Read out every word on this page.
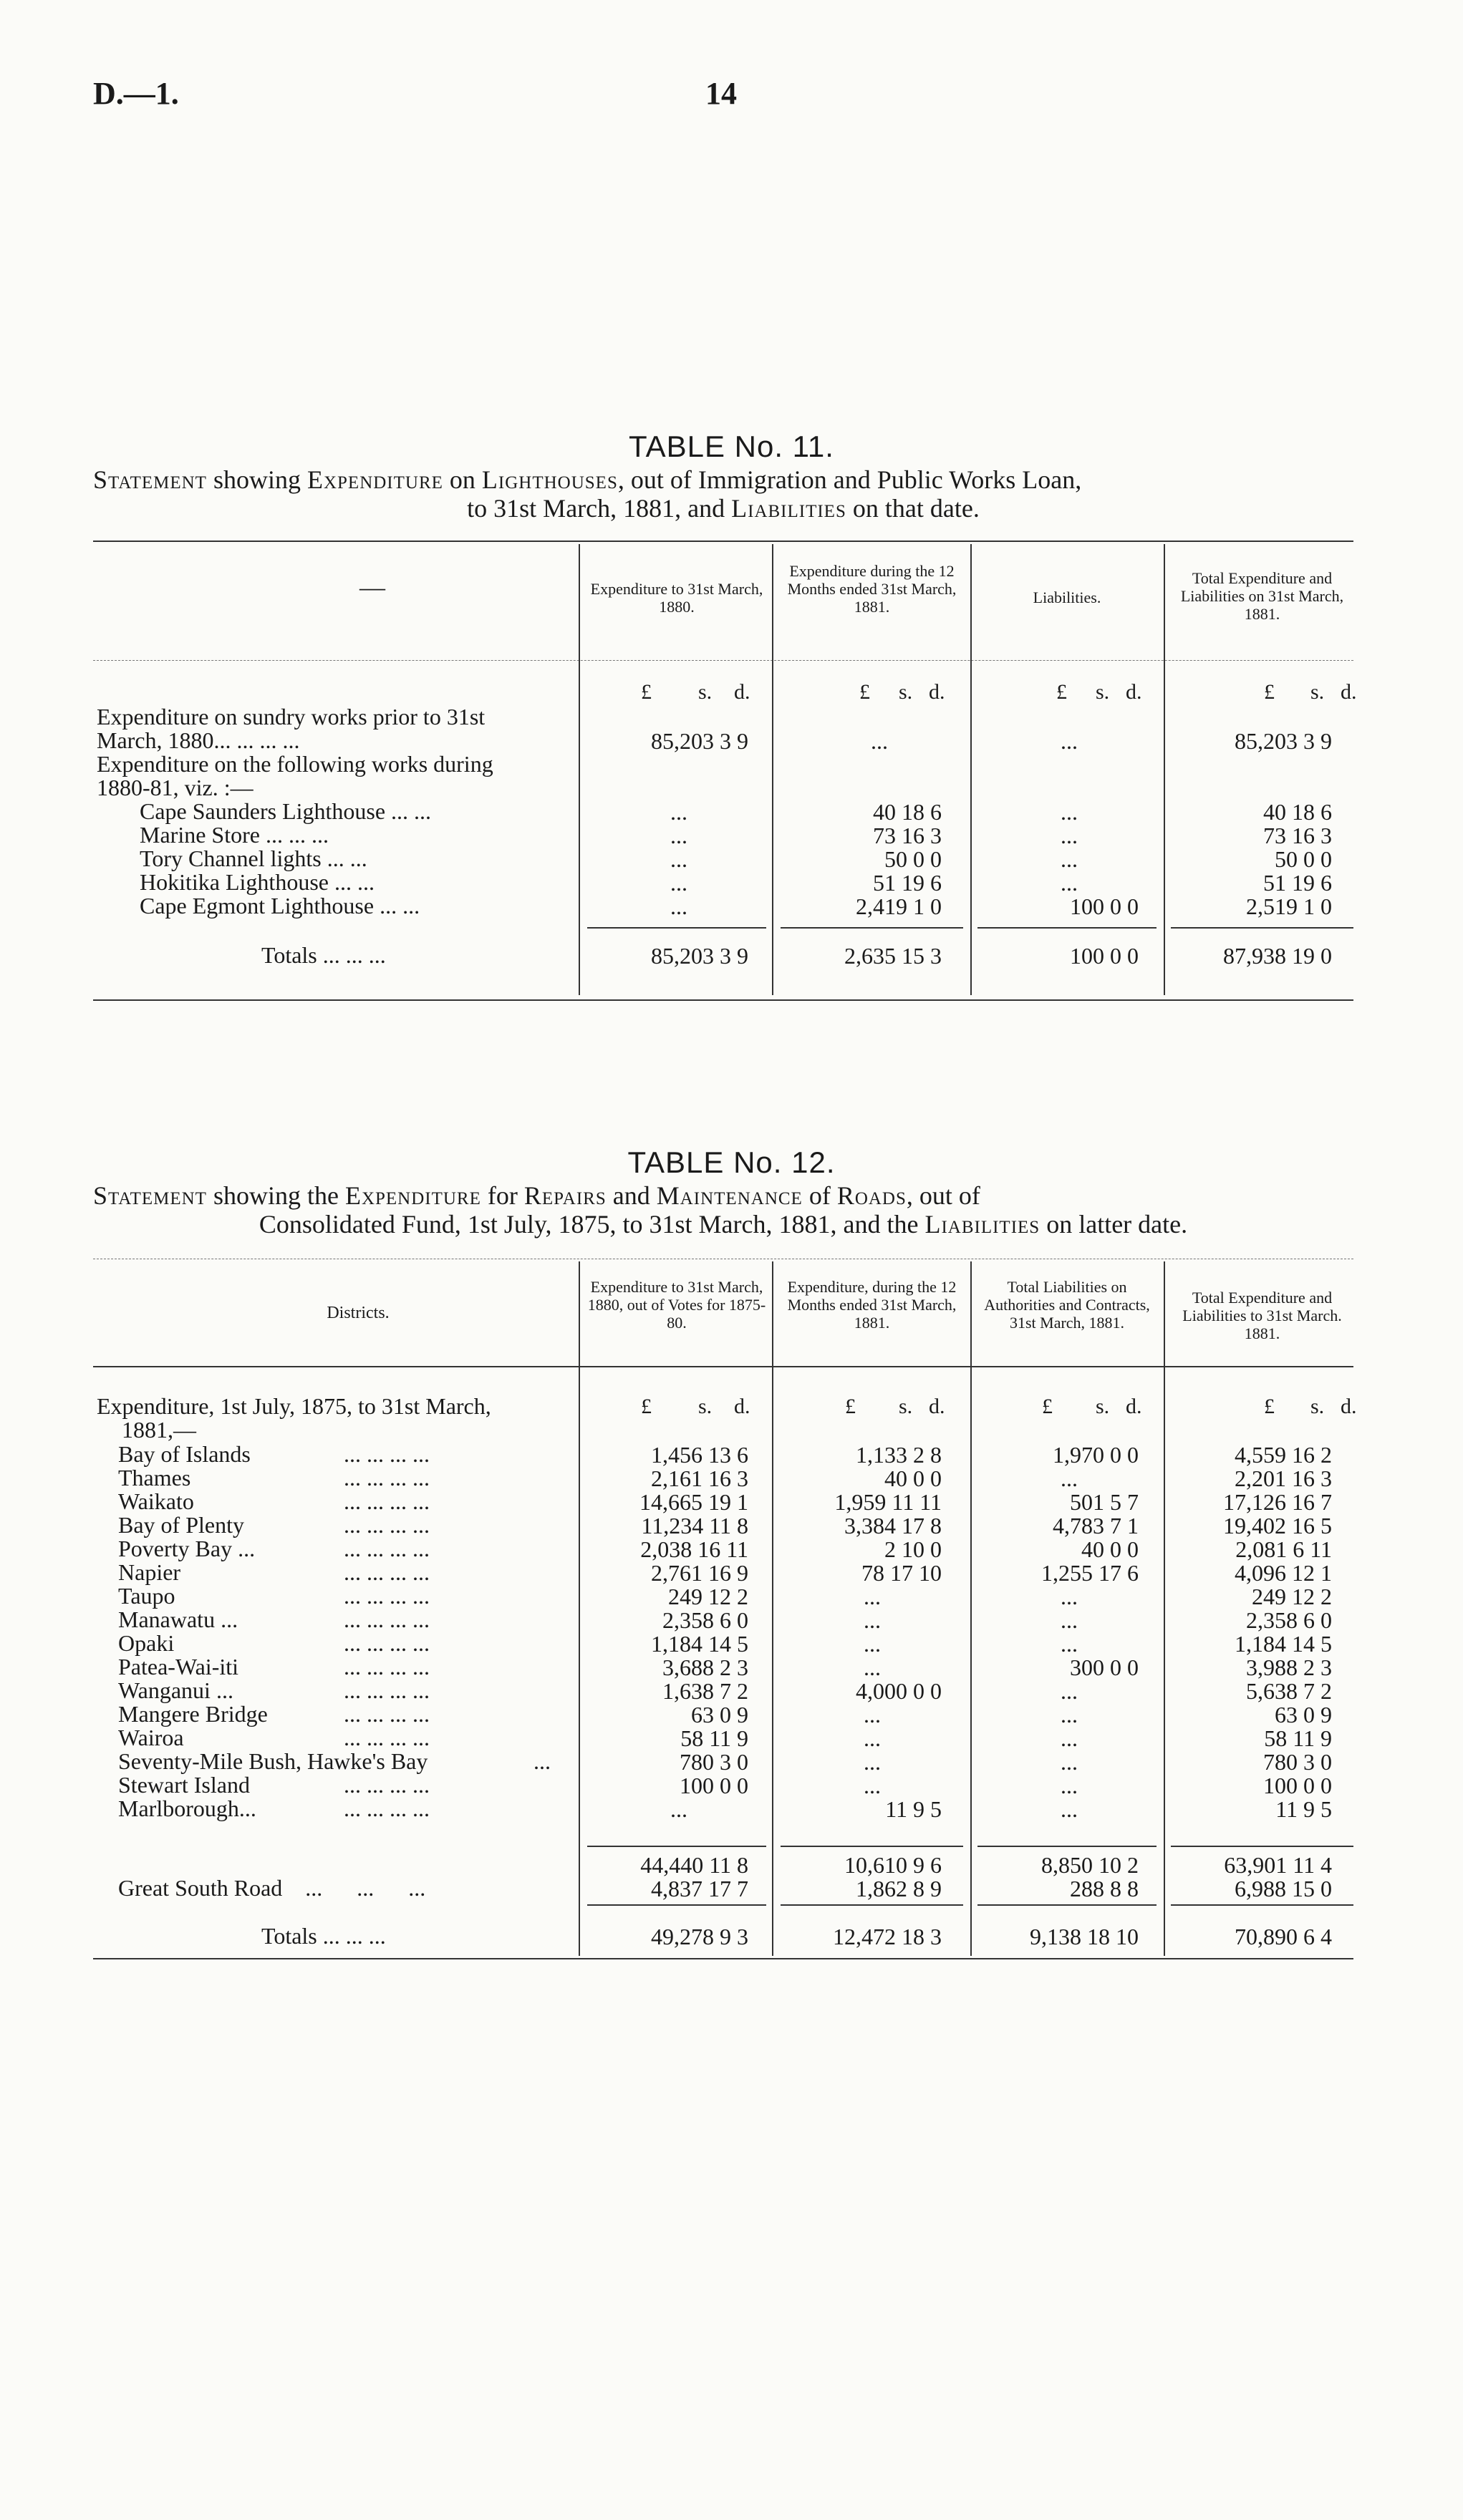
D.—1.	14
TABLE No. 11.
Statement showing Expenditure on Lighthouses, out of Immigration and Public Works Loan,
to 31st March, 1881, and Liabilities on that date.
—	Expenditure to 31st March, 1880.
Expenditure during the 12 Months ended 31st March, 1881.
Liabilities.
Total Expenditure and Liabilities on 31st March, 1881.
£ s. d.	£ s. d.	£ s. d.	£ s. d.
Expenditure on sundry works prior to 31st
March, 1880... ... ... ...	85,203 3 9	...	...	85,203 3 9
Expenditure on the following works during
1880-81, viz. :—
Cape Saunders Lighthouse ... ...	...	40 18 6	...	40 18 6
Marine Store ... ... ...	...	73 16 3	...	73 16 3
Tory Channel lights ... ...	...	50 0 0	...	50 0 0
Hokitika Lighthouse ... ...	...	51 19 6	...	51 19 6
Cape Egmont Lighthouse ... ...	...	2,419 1 0	100 0 0	2,519 1 0
Totals ... ... ...	85,203 3 9	2,635 15 3	100 0 0	87,938 19 0
TABLE No. 12.
Statement showing the Expenditure for Repairs and Maintenance of Roads, out of
Consolidated Fund, 1st July, 1875, to 31st March, 1881, and the Liabilities on latter date.
Districts.
Expenditure to 31st March, 1880, out of Votes for 1875-80.
Expenditure, during the 12 Months ended 31st March, 1881.
Total Liabilities on Authorities and Contracts, 31st March, 1881.
Total Expenditure and Liabilities to 31st March. 1881.
£ s. d.	£ s. d.	£ s. d.	£ s. d.
Expenditure, 1st July, 1875, to 31st March,
1881,—
Bay of Islands	... ... ... ...	1,456 13 6	1,133 2 8	1,970 0 0	4,559 16 2
Thames	... ... ... ...	2,161 16 3	40 0 0	...	2,201 16 3
Waikato	... ... ... ...	14,665 19 1	1,959 11 11	501 5 7	17,126 16 7
Bay of Plenty	... ... ... ...	11,234 11 8	3,384 17 8	4,783 7 1	19,402 16 5
Poverty Bay ...	... ... ... ...	2,038 16 11	2 10 0	40 0 0	2,081 6 11
Napier	... ... ... ...	2,761 16 9	78 17 10	1,255 17 6	4,096 12 1
Taupo	... ... ... ...	249 12 2	...	...	249 12 2
Manawatu ...	... ... ... ...	2,358 6 0	...	...	2,358 6 0
Opaki	... ... ... ...	1,184 14 5	...	...	1,184 14 5
Patea-Wai-iti	... ... ... ...	3,688 2 3	...	300 0 0	3,988 2 3
Wanganui ...	... ... ... ...	1,638 7 2	4,000 0 0	...	5,638 7 2
Mangere Bridge	... ... ... ...	63 0 9	...	...	63 0 9
Wairoa	... ... ... ...	58 11 9	...	...	58 11 9
Seventy-Mile Bush, Hawke's Bay	...	780 3 0	...	...	780 3 0
Stewart Island	... ... ... ...	100 0 0	...	...	100 0 0
Marlborough...	... ... ... ...	...	11 9 5	...	11 9 5
44,440 11 8	10,610 9 6	8,850 10 2	63,901 11 4
Great South Road    ...      ...      ...	4,837 17 7	1,862 8 9	288 8 8	6,988 15 0
Totals ... ... ...	49,278 9 3	12,472 18 3	9,138 18 10	70,890 6 4
